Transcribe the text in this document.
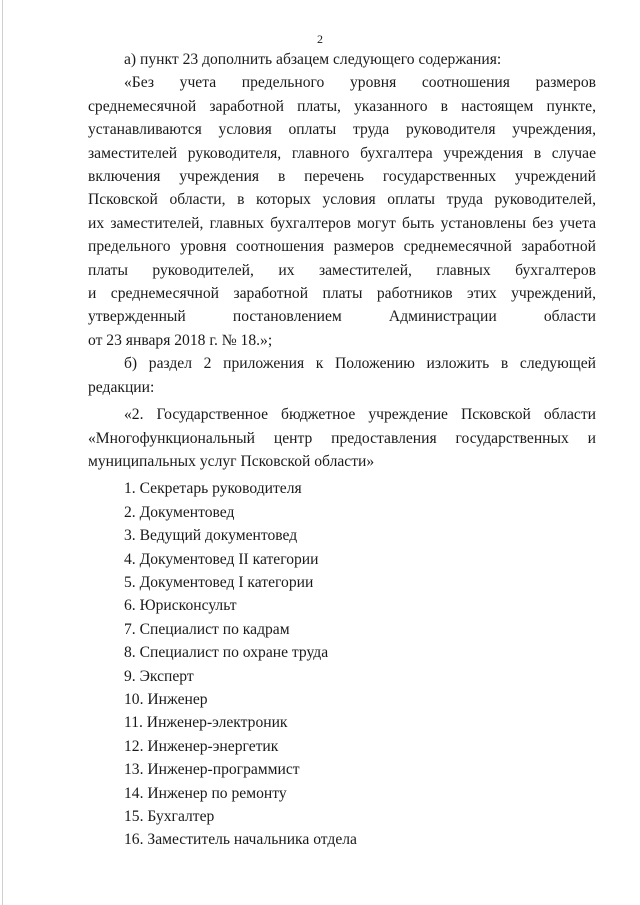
2
а) пункт 23 дополнить абзацем следующего содержания:
«Без учета предельного уровня соотношения размеров
среднемесячной заработной платы, указанного в настоящем пункте,
устанавливаются условия оплаты труда руководителя учреждения,
заместителей руководителя, главного бухгалтера учреждения в случае
включения учреждения в перечень государственных учреждений
Псковской области, в которых условия оплаты труда руководителей,
их заместителей, главных бухгалтеров могут быть установлены без учета
предельного уровня соотношения размеров среднемесячной заработной
платы руководителей, их заместителей, главных бухгалтеров
и среднемесячной заработной платы работников этих учреждений,
утвержденный постановлением Администрации области
от 23 января 2018 г. № 18.»;
б) раздел 2 приложения к Положению изложить в следующей
редакции:
«2. Государственное бюджетное учреждение Псковской области
«Многофункциональный центр предоставления государственных и
муниципальных услуг Псковской области»
1. Секретарь руководителя
2. Документовед
3. Ведущий документовед
4. Документовед II категории
5. Документовед I категории
6. Юрисконсульт
7. Специалист по кадрам
8. Специалист по охране труда
9. Эксперт
10. Инженер
11. Инженер-электроник
12. Инженер-энергетик
13. Инженер-программист
14. Инженер по ремонту
15. Бухгалтер
16. Заместитель начальника отдела
